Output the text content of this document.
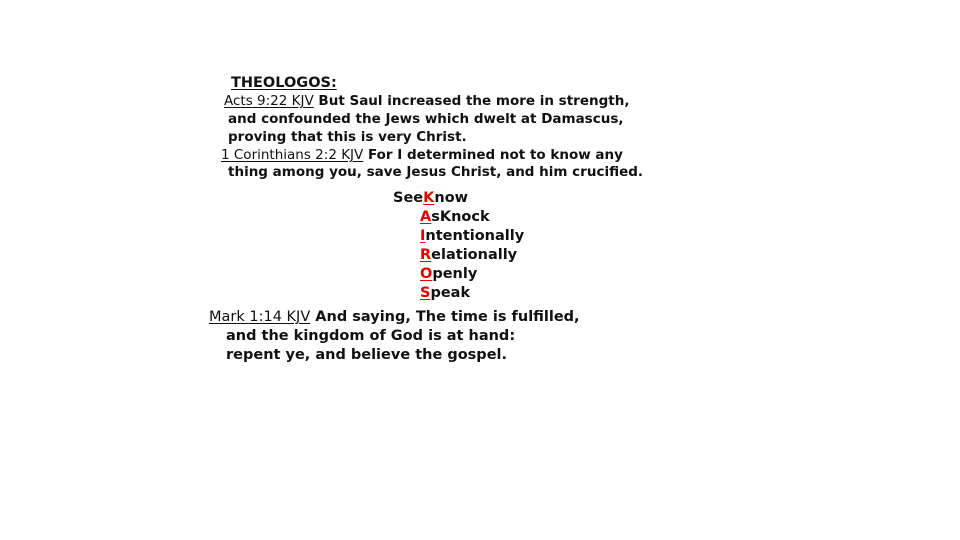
THEOLOGOS:
Acts 9:22 KJV But Saul increased the more in strength,
and confounded the Jews which dwelt at Damascus,
proving that this is very Christ.
1 Corinthians 2:2 KJV For I determined not to know any
thing among you, save Jesus Christ, and him crucified.
SeeKnow
AsKnock
Intentionally
Relationally
Openly
Speak
Mark 1:14 KJV And saying, The time is fulfilled,
and the kingdom of God is at hand:
repent ye, and believe the gospel.
